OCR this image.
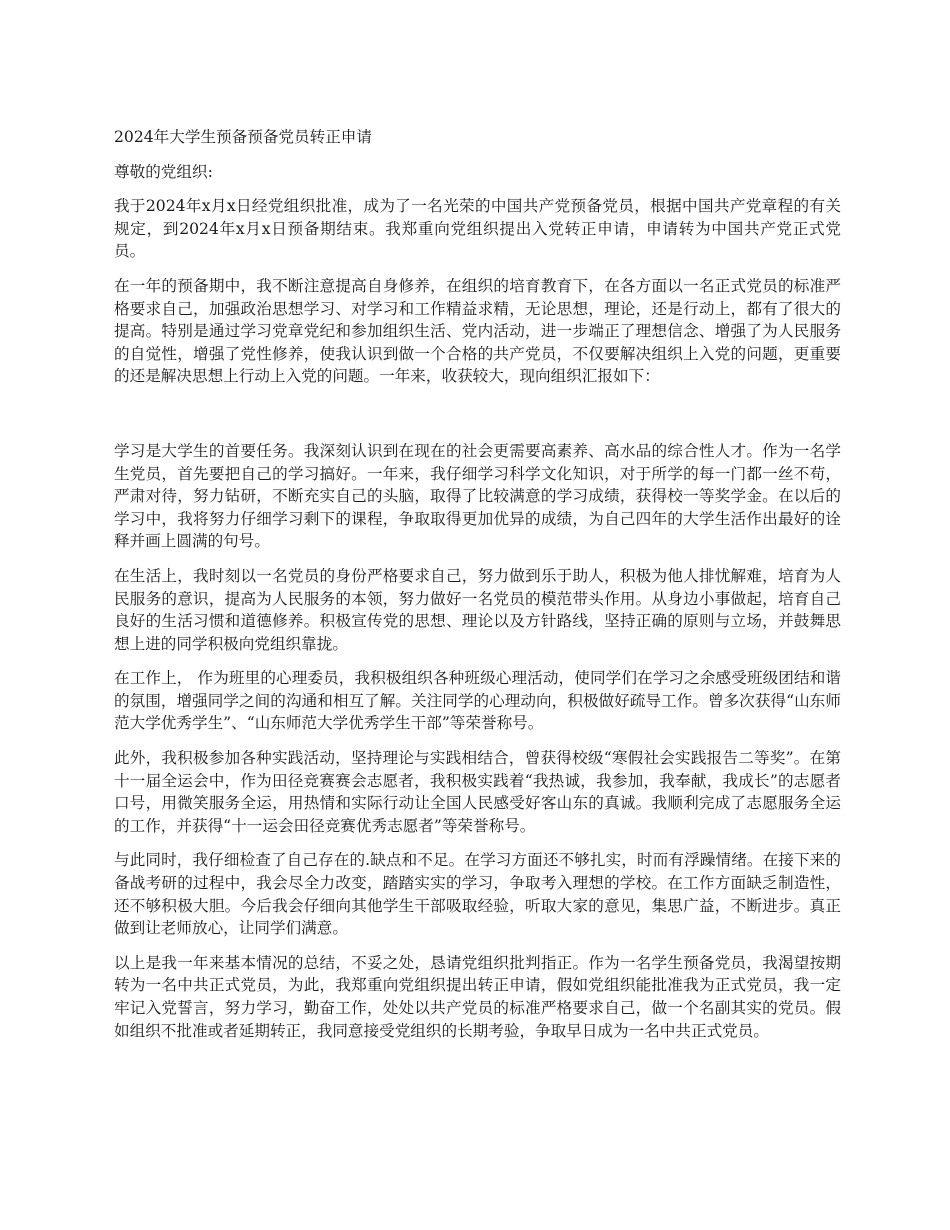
2024年大学生预备预备党员转正申请

尊敬的党组织:

我于2024年x月x日经党组织批准，成为了一名光荣的中国共产党预备党员，根据中国共产党章程的有关规定，到2024年x月x日预备期结束。我郑重向党组织提出入党转正申请，申请转为中国共产党正式党员。

在一年的预备期中，我不断注意提高自身修养，在组织的培育教育下，在各方面以一名正式党员的标准严格要求自己，加强政治思想学习、对学习和工作精益求精，无论思想，理论，还是行动上，都有了很大的提高。特别是通过学习党章党纪和参加组织生活、党内活动，进一步端正了理想信念、增强了为人民服务的自觉性，增强了党性修养，使我认识到做一个合格的共产党员，不仅要解决组织上入党的问题，更重要的还是解决思想上行动上入党的问题。一年来，收获较大，现向组织汇报如下：

学习是大学生的首要任务。我深刻认识到在现在的社会更需要高素养、高水品的综合性人才。作为一名学生党员，首先要把自己的学习搞好。一年来，我仔细学习科学文化知识，对于所学的每一门都一丝不苟，严肃对待，努力钻研，不断充实自己的头脑，取得了比较满意的学习成绩，获得校一等奖学金。在以后的学习中，我将努力仔细学习剩下的课程，争取取得更加优异的成绩，为自己四年的大学生活作出最好的诠释并画上圆满的句号。

在生活上，我时刻以一名党员的身份严格要求自己，努力做到乐于助人，积极为他人排忧解难，培育为人民服务的意识，提高为人民服务的本领，努力做好一名党员的模范带头作用。从身边小事做起，培育自己良好的生活习惯和道德修养。积极宣传党的思想、理论以及方针路线，坚持正确的原则与立场，并鼓舞思想上进的同学积极向党组织靠拢。

在工作上， 作为班里的心理委员，我积极组织各种班级心理活动，使同学们在学习之余感受班级团结和谐的氛围，增强同学之间的沟通和相互了解。关注同学的心理动向，积极做好疏导工作。曾多次获得“山东师范大学优秀学生”、“山东师范大学优秀学生干部”等荣誉称号。

此外，我积极参加各种实践活动，坚持理论与实践相结合，曾获得校级“寒假社会实践报告二等奖”。在第十一届全运会中，作为田径竞赛赛会志愿者，我积极实践着“我热诚，我参加，我奉献，我成长”的志愿者口号，用微笑服务全运，用热情和实际行动让全国人民感受好客山东的真诚。我顺利完成了志愿服务全运的工作，并获得“十一运会田径竞赛优秀志愿者”等荣誉称号。

与此同时，我仔细检查了自己存在的.缺点和不足。在学习方面还不够扎实，时而有浮躁情绪。在接下来的备战考研的过程中，我会尽全力改变，踏踏实实的学习，争取考入理想的学校。在工作方面缺乏制造性，还不够积极大胆。今后我会仔细向其他学生干部吸取经验，听取大家的意见，集思广益，不断进步。真正做到让老师放心，让同学们满意。

以上是我一年来基本情况的总结，不妥之处，恳请党组织批判指正。作为一名学生预备党员，我渴望按期转为一名中共正式党员，为此，我郑重向党组织提出转正申请，假如党组织能批准我为正式党员，我一定牢记入党誓言，努力学习，勤奋工作，处处以共产党员的标准严格要求自己，做一个名副其实的党员。假如组织不批准或者延期转正，我同意接受党组织的长期考验，争取早日成为一名中共正式党员。
